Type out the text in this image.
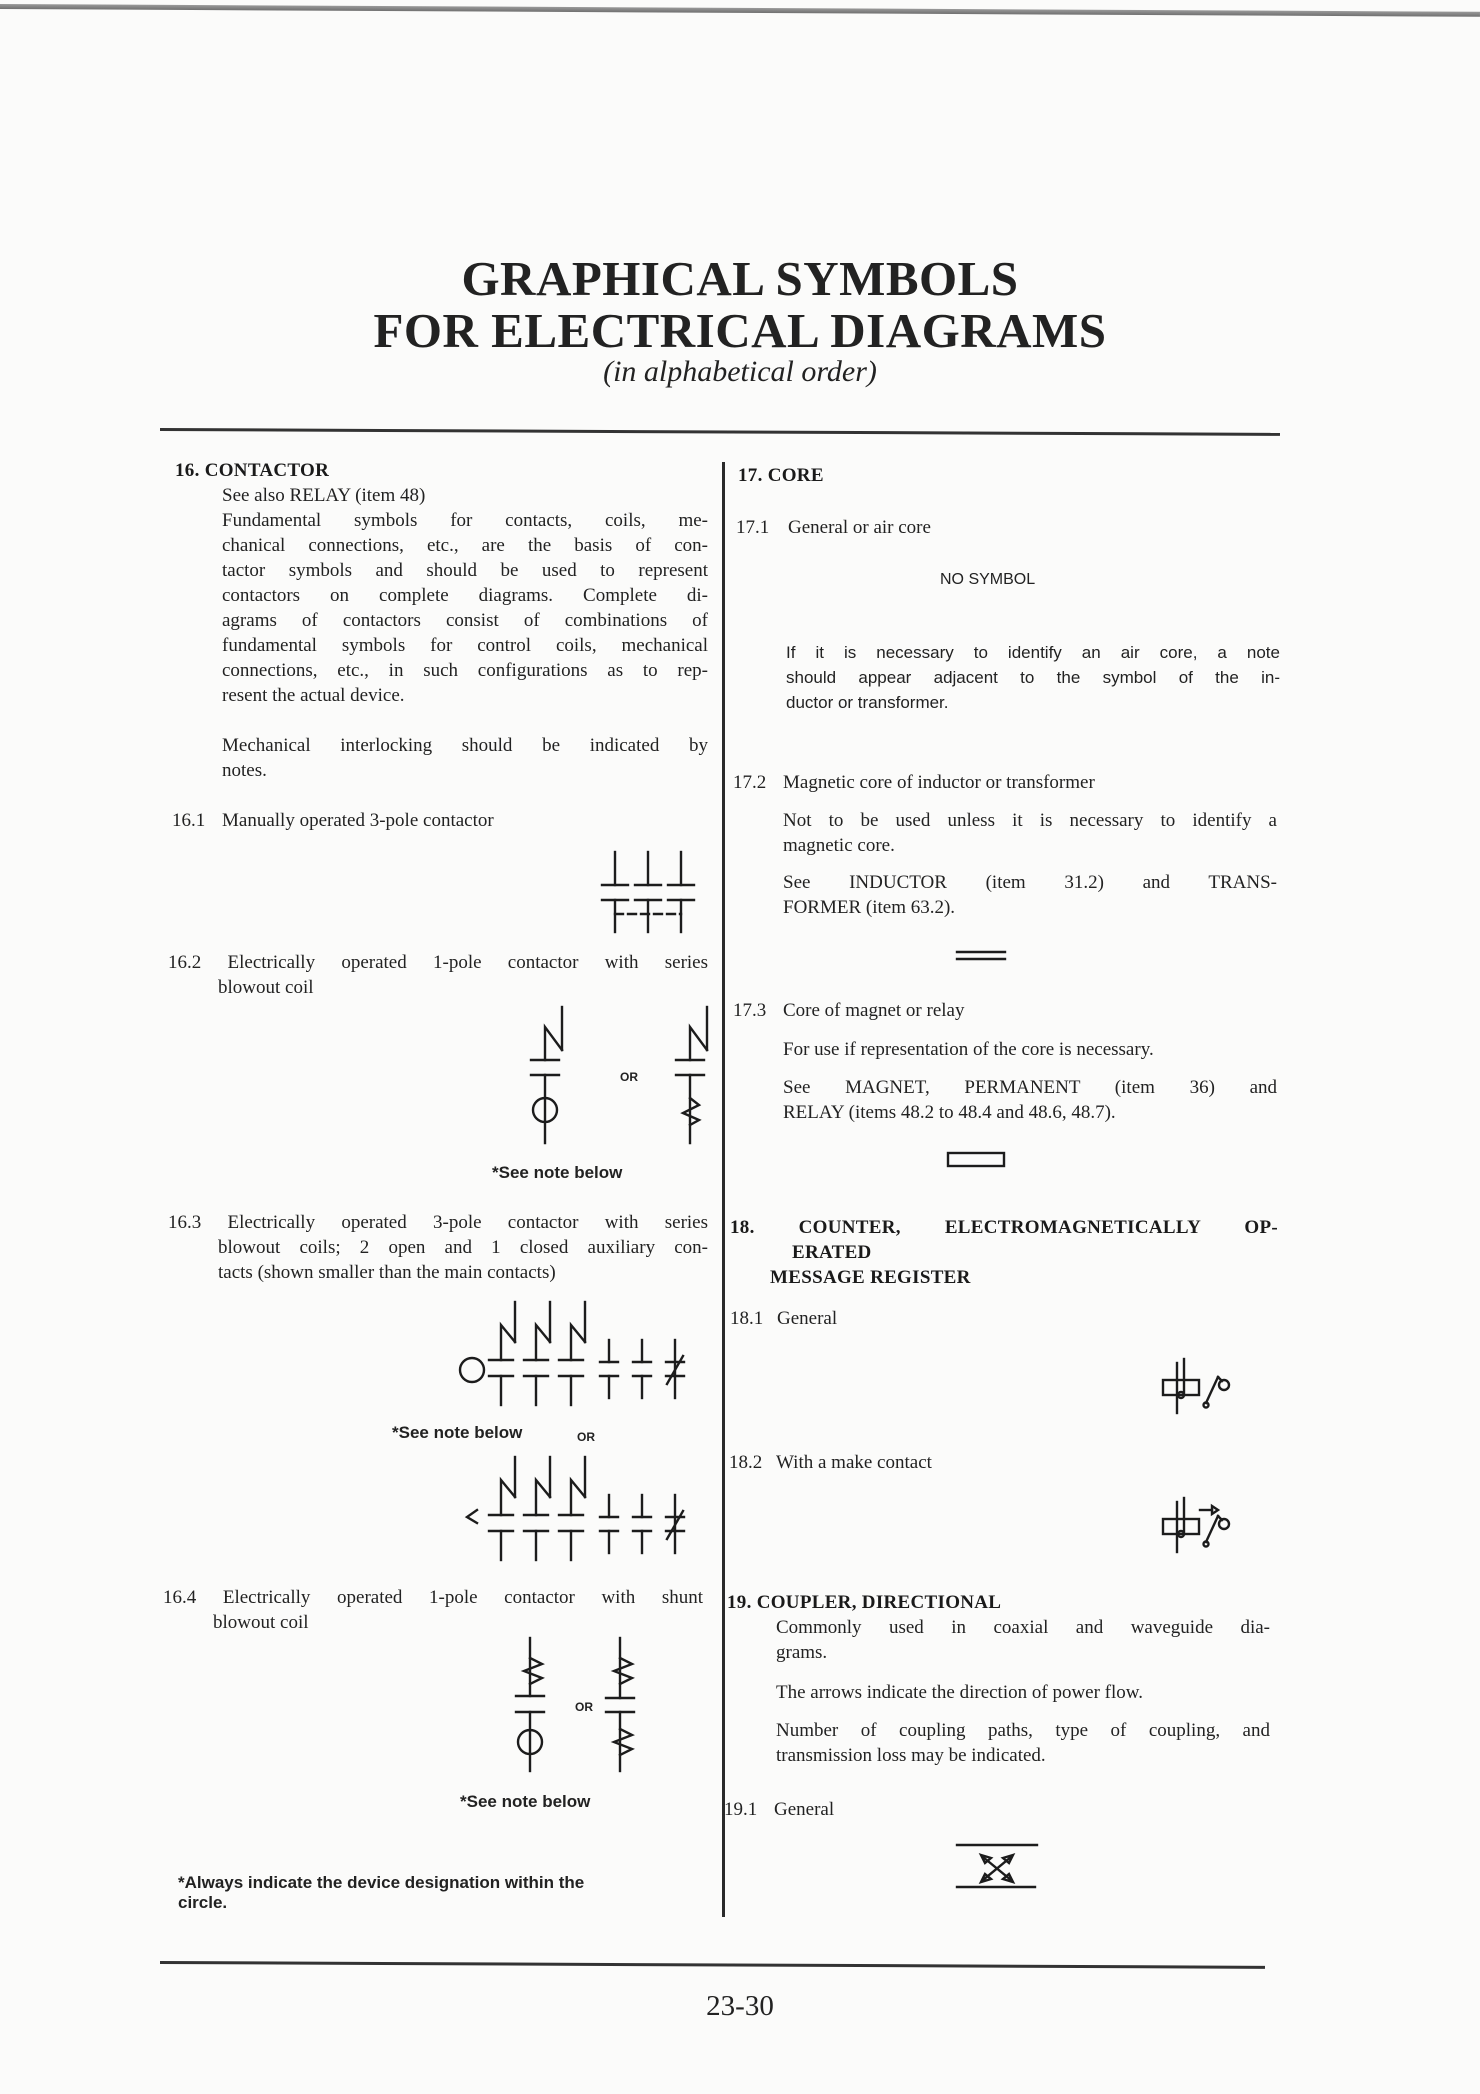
GRAPHICAL SYMBOLS
FOR ELECTRICAL DIAGRAMS
(in alphabetical order)
16. CONTACTOR
See also RELAY (item 48)
Fundamental symbols for contacts, coils, me-
chanical connections, etc., are the basis of con-
tactor symbols and should be used to represent
contactors on complete diagrams. Complete di-
agrams of contactors consist of combinations of
fundamental symbols for control coils, mechanical
connections, etc., in such configurations as to rep-
resent the actual device.
Mechanical interlocking should be indicated by
notes.
16.1 Manually operated 3-pole contactor
16.2 Electrically operated 1-pole contactor with series
blowout coil
OR
*See note below
16.3 Electrically operated 3-pole contactor with series
blowout coils; 2 open and 1 closed auxiliary con-
tacts (shown smaller than the main contacts)
*See note below	OR
16.4 Electrically operated 1-pole contactor with shunt
blowout coil
OR
*See note below
*Always indicate the device designation within the
circle.
17. CORE
17.1 General or air core
NO SYMBOL
If it is necessary to identify an air core, a note
should appear adjacent to the symbol of the in-
ductor or transformer.
17.2 Magnetic core of inductor or transformer
Not to be used unless it is necessary to identify a
magnetic core.
See INDUCTOR (item 31.2) and TRANS-
FORMER (item 63.2).
17.3 Core of magnet or relay
For use if representation of the core is necessary.
See MAGNET, PERMANENT (item 36) and
RELAY (items 48.2 to 48.4 and 48.6, 48.7).
18. COUNTER, ELECTROMAGNETICALLY OP-
ERATED
MESSAGE REGISTER
18.1 General
18.2 With a make contact
19. COUPLER, DIRECTIONAL
Commonly used in coaxial and waveguide dia-
grams.
The arrows indicate the direction of power flow.
Number of coupling paths, type of coupling, and
transmission loss may be indicated.
19.1 General
23-30
